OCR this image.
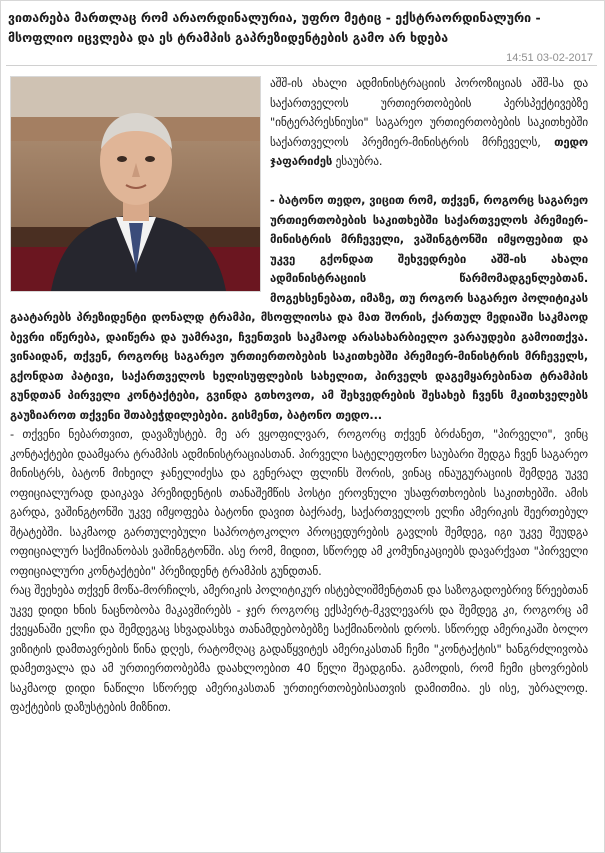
ვითარება მართლაც რომ არაორდინალურია, უფრო მეტიც - ექსტრაორდინალური - მსოფლიო იცვლება და ეს ტრამპის გაპრეზიდენტების გამო არ ხდება
14:51 03-02-2017

აშშ-ის ახალი ადმინისტრაციის პოროზიციას აშშ-სა და საქართველოს ურთიერთობების პერსპექტივებზე "ინტერპრესნიუსი" საგარეო ურთიერთობების საკითხებში საქართველოს პრემიერ-მინისტრის მრჩეველს, თედო ჯაფარიძეს ესაუბრა.

- ბატონო თედო, ვიცით რომ, თქვენ, როგორც საგარეო ურთიერთობების საკითხებში საქართველოს პრემიერ-მინისტრის მრჩეველი, ვაშინგტონში იმყოფებით და უკვე გქონდათ შეხვედრები აშშ-ის ახალი ადმინისტრაციის წარმომადგენლებთან. მოგეხსენებათ, იმაზე, თუ როგორ საგარეო პოლიტიკას გაატარებს პრეზიდენტი დონალდ ტრამპი, მსოფლიოსა და მათ შორის, ქართულ მედიაში საკმაოდ ბევრი იწერება, დაიწერა და უამრავი, ჩვენთვის საკმაოდ არასახარბიელო ვარაუდები გამოითქვა. ვინაიდან, თქვენ, როგორც საგარეო ურთიერთობების საკითხებში პრემიერ-მინისტრის მრჩეველს, გქონდათ პატივი, საქართველოს ხელისუფლების სახელით, პირველს დაგემყარებინათ ტრამპის გუნდთან პირველი კონტაქტები, გვინდა გთხოვოთ, ამ შეხვედრების შესახებ ჩვენს მკითხველებს გაუზიაროთ თქვენი შთაბეჭდილებები. გისმენთ, ბატონო თედო...

- თქვენი ნებართვით, დავაზუსტებ. მე არ ვყოფილვარ, როგორც თქვენ ბრძანეთ, "პირველი", ვინც კონტაქტები დაამყარა ტრამპის ადმინისტრაციასთან. პირველი სატელეფონო საუბარი შედგა ჩვენ საგარეო მინისტრს, ბატონ მიხეილ ჯანელიძესა და გენერალ ფლინს შორის, ვინაც ინაუგურაციის შემდეგ უკვე ოფიციალურად დაიკავა პრეზიდენტის თანაშემწის პოსტი ეროვნული უსაფრთხოების საკითხებში. ამის გარდა, ვაშინგტონში უკვე იმყოფება ბატონი დავით ბაქრაძე, საქართველოს ელჩი ამერიკის შეერთებულ შტატებში. საკმაოდ გართულებული საპროტოკოლო პროცედურების გავლის შემდეგ, იგი უკვე შეუდგა ოფიციალურ საქმიანობას ვაშინგტონში. ასე რომ, მიდით, სწორედ ამ კომუნიკაციებს დავარქვათ "პირველი ოფიციალური კონტაქტები" პრეზიდენტ ტრამპის გუნდთან.

რაც შეეხება თქვენ მოწა-მორჩილს, ამერიკის პოლიტიკურ ისტებლიშმენტთან და საზოგადოებრივ წრეებთან უკვე დიდი ხნის ნაცნობობა მაკავშირებს - ჯერ როგორც ექსპერტ-მკვლევარს და შემდეგ კი, როგორც ამ ქვეყანაში ელჩი და შემდეგაც სხვადასხვა თანამდებობებზე საქმიანობის დროს. სწორედ ამერიკაში ბოლო ვიზიტის დამთავრების წინა დღეს, რატომღაც გადაწყვიტეს ამერიკასთან ჩემი "კონტაქტის" ხანგრძლივობა დამეთვალა და ამ ურთიერთობებმა დაახლოებით 40 წელი შეადგინა. გამოდის, რომ ჩემი ცხოვრების საკმაოდ დიდი ნაწილი სწორედ ამერიკასთან ურთიერთობებისათვის დამითმია. ეს ისე, უბრალოდ. ფაქტების დაზუსტების მიზნით.
